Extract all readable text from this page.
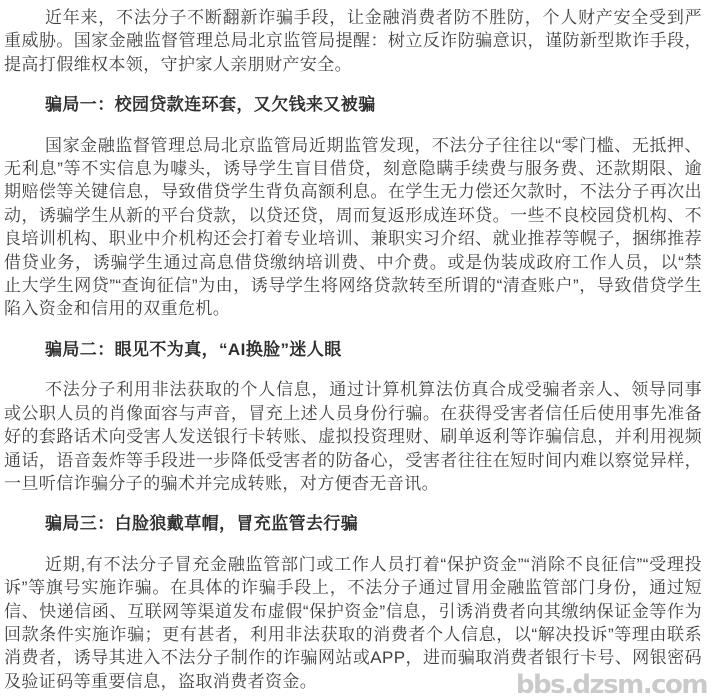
近年来，不法分子不断翻新诈骗手段，让金融消费者防不胜防，个人财产安全受到严重威胁。国家金融监督管理总局北京监管局提醒：树立反诈防骗意识，谨防新型欺诈手段，提高打假维权本领，守护家人亲朋财产安全。

骗局一：校园贷款连环套，又欠钱来又被骗

国家金融监督管理总局北京监管局近期监管发现，不法分子往往以“零门槛、无抵押、无利息”等不实信息为噱头，诱导学生盲目借贷，刻意隐瞒手续费与服务费、还款期限、逾期赔偿等关键信息，导致借贷学生背负高额利息。在学生无力偿还欠款时，不法分子再次出动，诱骗学生从新的平台贷款，以贷还贷，周而复返形成连环贷。一些不良校园贷机构、不良培训机构、职业中介机构还会打着专业培训、兼职实习介绍、就业推荐等幌子，捆绑推荐借贷业务，诱骗学生通过高息借贷缴纳培训费、中介费。或是伪装成政府工作人员，以“禁止大学生网贷”“查询征信”为由，诱导学生将网络贷款转至所谓的“清查账户”，导致借贷学生陷入资金和信用的双重危机。

骗局二：眼见不为真，“AI换脸”迷人眼

不法分子利用非法获取的个人信息，通过计算机算法仿真合成受骗者亲人、领导同事或公职人员的肖像面容与声音，冒充上述人员身份行骗。在获得受害者信任后使用事先准备好的套路话术向受害人发送银行卡转账、虚拟投资理财、刷单返利等诈骗信息，并利用视频通话，语音轰炸等手段进一步降低受害者的防备心，受害者往往在短时间内难以察觉异样，一旦听信诈骗分子的骗术并完成转账，对方便杳无音讯。

骗局三：白脸狼戴草帽，冒充监管去行骗

近期,有不法分子冒充金融监管部门或工作人员打着“保护资金”“消除不良征信”“受理投诉”等旗号实施诈骗。在具体的诈骗手段上，不法分子通过冒用金融监管部门身份，通过短信、快递信函、互联网等渠道发布虚假“保护资金”信息，引诱消费者向其缴纳保证金等作为回款条件实施诈骗；更有甚者，利用非法获取的消费者个人信息，以“解决投诉”等理由联系消费者，诱导其进入不法分子制作的诈骗网站或APP，进而骗取消费者银行卡号、网银密码及验证码等重要信息，盗取消费者资金。	bbs.dzsm.com
